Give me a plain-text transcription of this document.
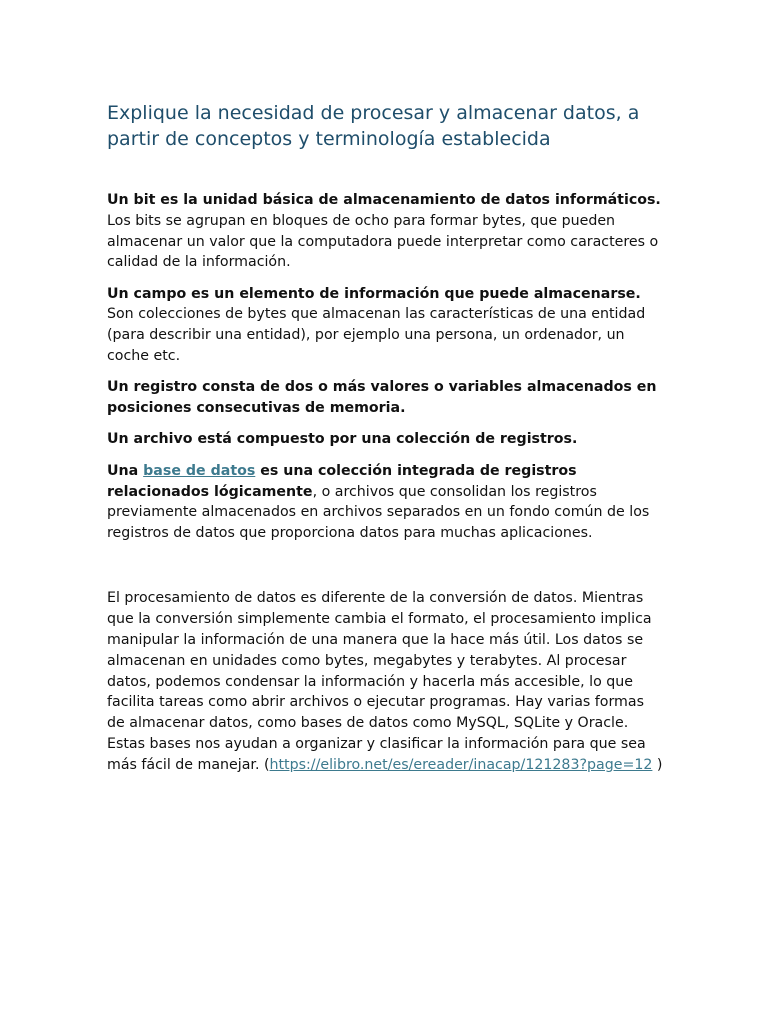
Explique la necesidad de procesar y almacenar datos, a partir de conceptos y terminología establecida

Un bit es la unidad básica de almacenamiento de datos informáticos. Los bits se agrupan en bloques de ocho para formar bytes, que pueden almacenar un valor que la computadora puede interpretar como caracteres o calidad de la información.

Un campo es un elemento de información que puede almacenarse. Son colecciones de bytes que almacenan las características de una entidad (para describir una entidad), por ejemplo una persona, un ordenador, un coche etc.

Un registro consta de dos o más valores o variables almacenados en posiciones consecutivas de memoria.

Un archivo está compuesto por una colección de registros.

Una base de datos es una colección integrada de registros relacionados lógicamente, o archivos que consolidan los registros previamente almacenados en archivos separados en un fondo común de los registros de datos que proporciona datos para muchas aplicaciones.

El procesamiento de datos es diferente de la conversión de datos. Mientras que la conversión simplemente cambia el formato, el procesamiento implica manipular la información de una manera que la hace más útil. Los datos se almacenan en unidades como bytes, megabytes y terabytes. Al procesar datos, podemos condensar la información y hacerla más accesible, lo que facilita tareas como abrir archivos o ejecutar programas. Hay varias formas de almacenar datos, como bases de datos como MySQL, SQLite y Oracle. Estas bases nos ayudan a organizar y clasificar la información para que sea más fácil de manejar. (https://elibro.net/es/ereader/inacap/121283?page=12 )
